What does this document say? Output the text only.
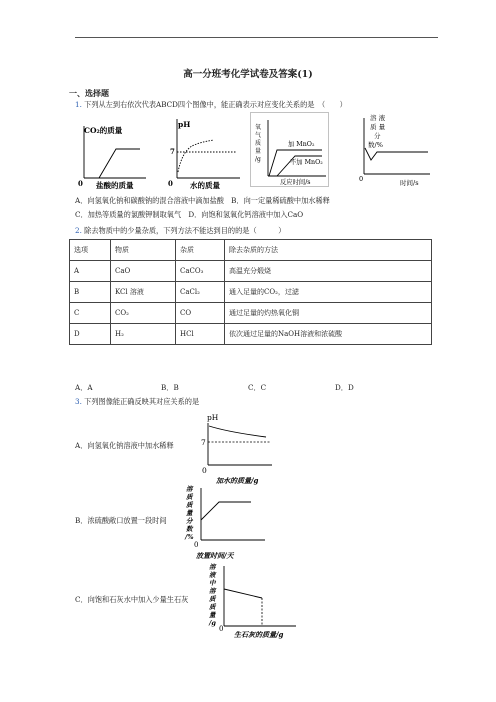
高一分班考化学试卷及答案(1)
一、选择题
1. 下列从左到右依次代表ABCD四个图像中，能正确表示对应变化关系的是　（　　）
CO₂的质量
0 盐酸的质量
pH
7
0 水的质量
氧
气
质
量
/g
加 MnO₂
不加 MnO₂
反应时间/s
溶 液
质 量
分
数/%
0	时间/s
A．向氢氧化钠和碳酸钠的混合溶液中滴加盐酸　B．向一定量稀硫酸中加水稀释
C．加热等质量的氯酸钾制取氧气　D．向饱和氢氧化钙溶液中加入CaO
2. 除去物质中的少量杂质，下列方法不能达到目的的是（　　　）
选项	物质	杂质	除去杂质的方法
A	CaO	CaCO₃	高温充分煅烧
B	KCl 溶液	CaCl₂	通入足量的CO₂，过滤
C	CO₂	CO	通过足量的灼热氧化铜
D	H₂	HCl	依次通过足量的NaOH溶液和浓硫酸
A．A	B．B	C．C	D．D
3. 下列图像能正确反映其对应关系的是
pH
7
0
加水的质量/g
A．向氢氧化钠溶液中加水稀释
溶
质
质
量
分
数
/%
0
放置时间/天
B．浓硫酸敞口放置一段时间
溶
液
中
溶
质
质
量
/g
0
生石灰的质量/g
C．向饱和石灰水中加入少量生石灰
